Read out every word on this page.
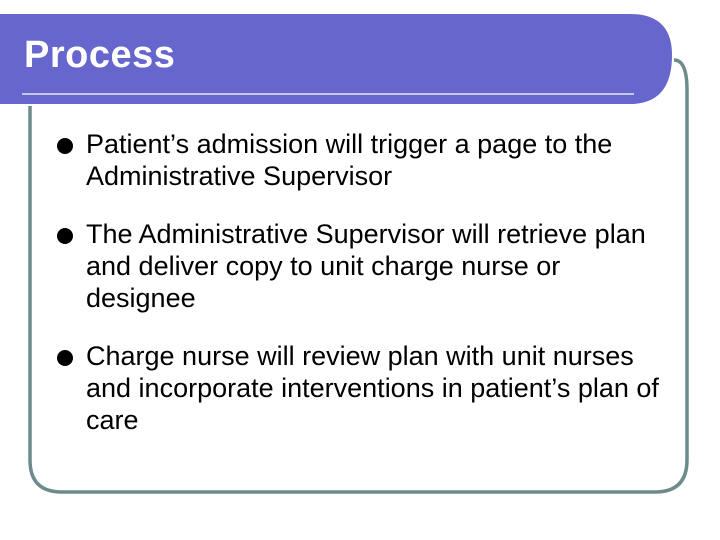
Process
Patient’s admission will trigger a page to the Administrative Supervisor
The Administrative Supervisor will retrieve plan and deliver copy to unit charge nurse or designee
Charge nurse will review plan with unit nurses and incorporate interventions in patient’s plan of care
